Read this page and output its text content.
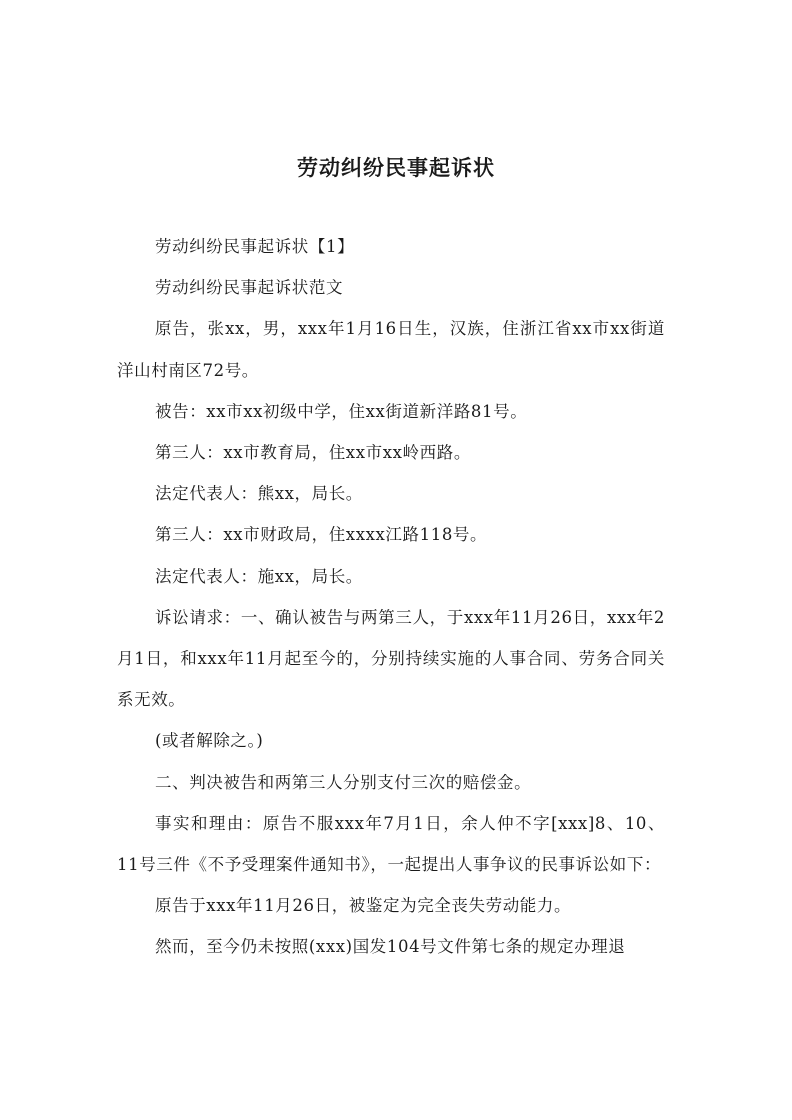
劳动纠纷民事起诉状

劳动纠纷民事起诉状【1】

劳动纠纷民事起诉状范文

原告，张xx，男，xxx年1月16日生，汉族，住浙江省xx市xx街道洋山村南区72号。

被告：xx市xx初级中学，住xx街道新洋路81号。

第三人：xx市教育局，住xx市xx岭西路。

法定代表人：熊xx，局长。

第三人：xx市财政局，住xxxx江路118号。

法定代表人：施xx，局长。

诉讼请求：一、确认被告与两第三人，于xxx年11月26日，xxx年2月1日，和xxx年11月起至今的，分别持续实施的人事合同、劳务合同关系无效。

(或者解除之。)

二、判决被告和两第三人分别支付三次的赔偿金。

事实和理由：原告不服xxx年7月1日，余人仲不字[xxx]8、10、11号三件《不予受理案件通知书》，一起提出人事争议的民事诉讼如下：

原告于xxx年11月26日，被鉴定为完全丧失劳动能力。

然而，至今仍未按照(xxx)国发104号文件第七条的规定办理退
